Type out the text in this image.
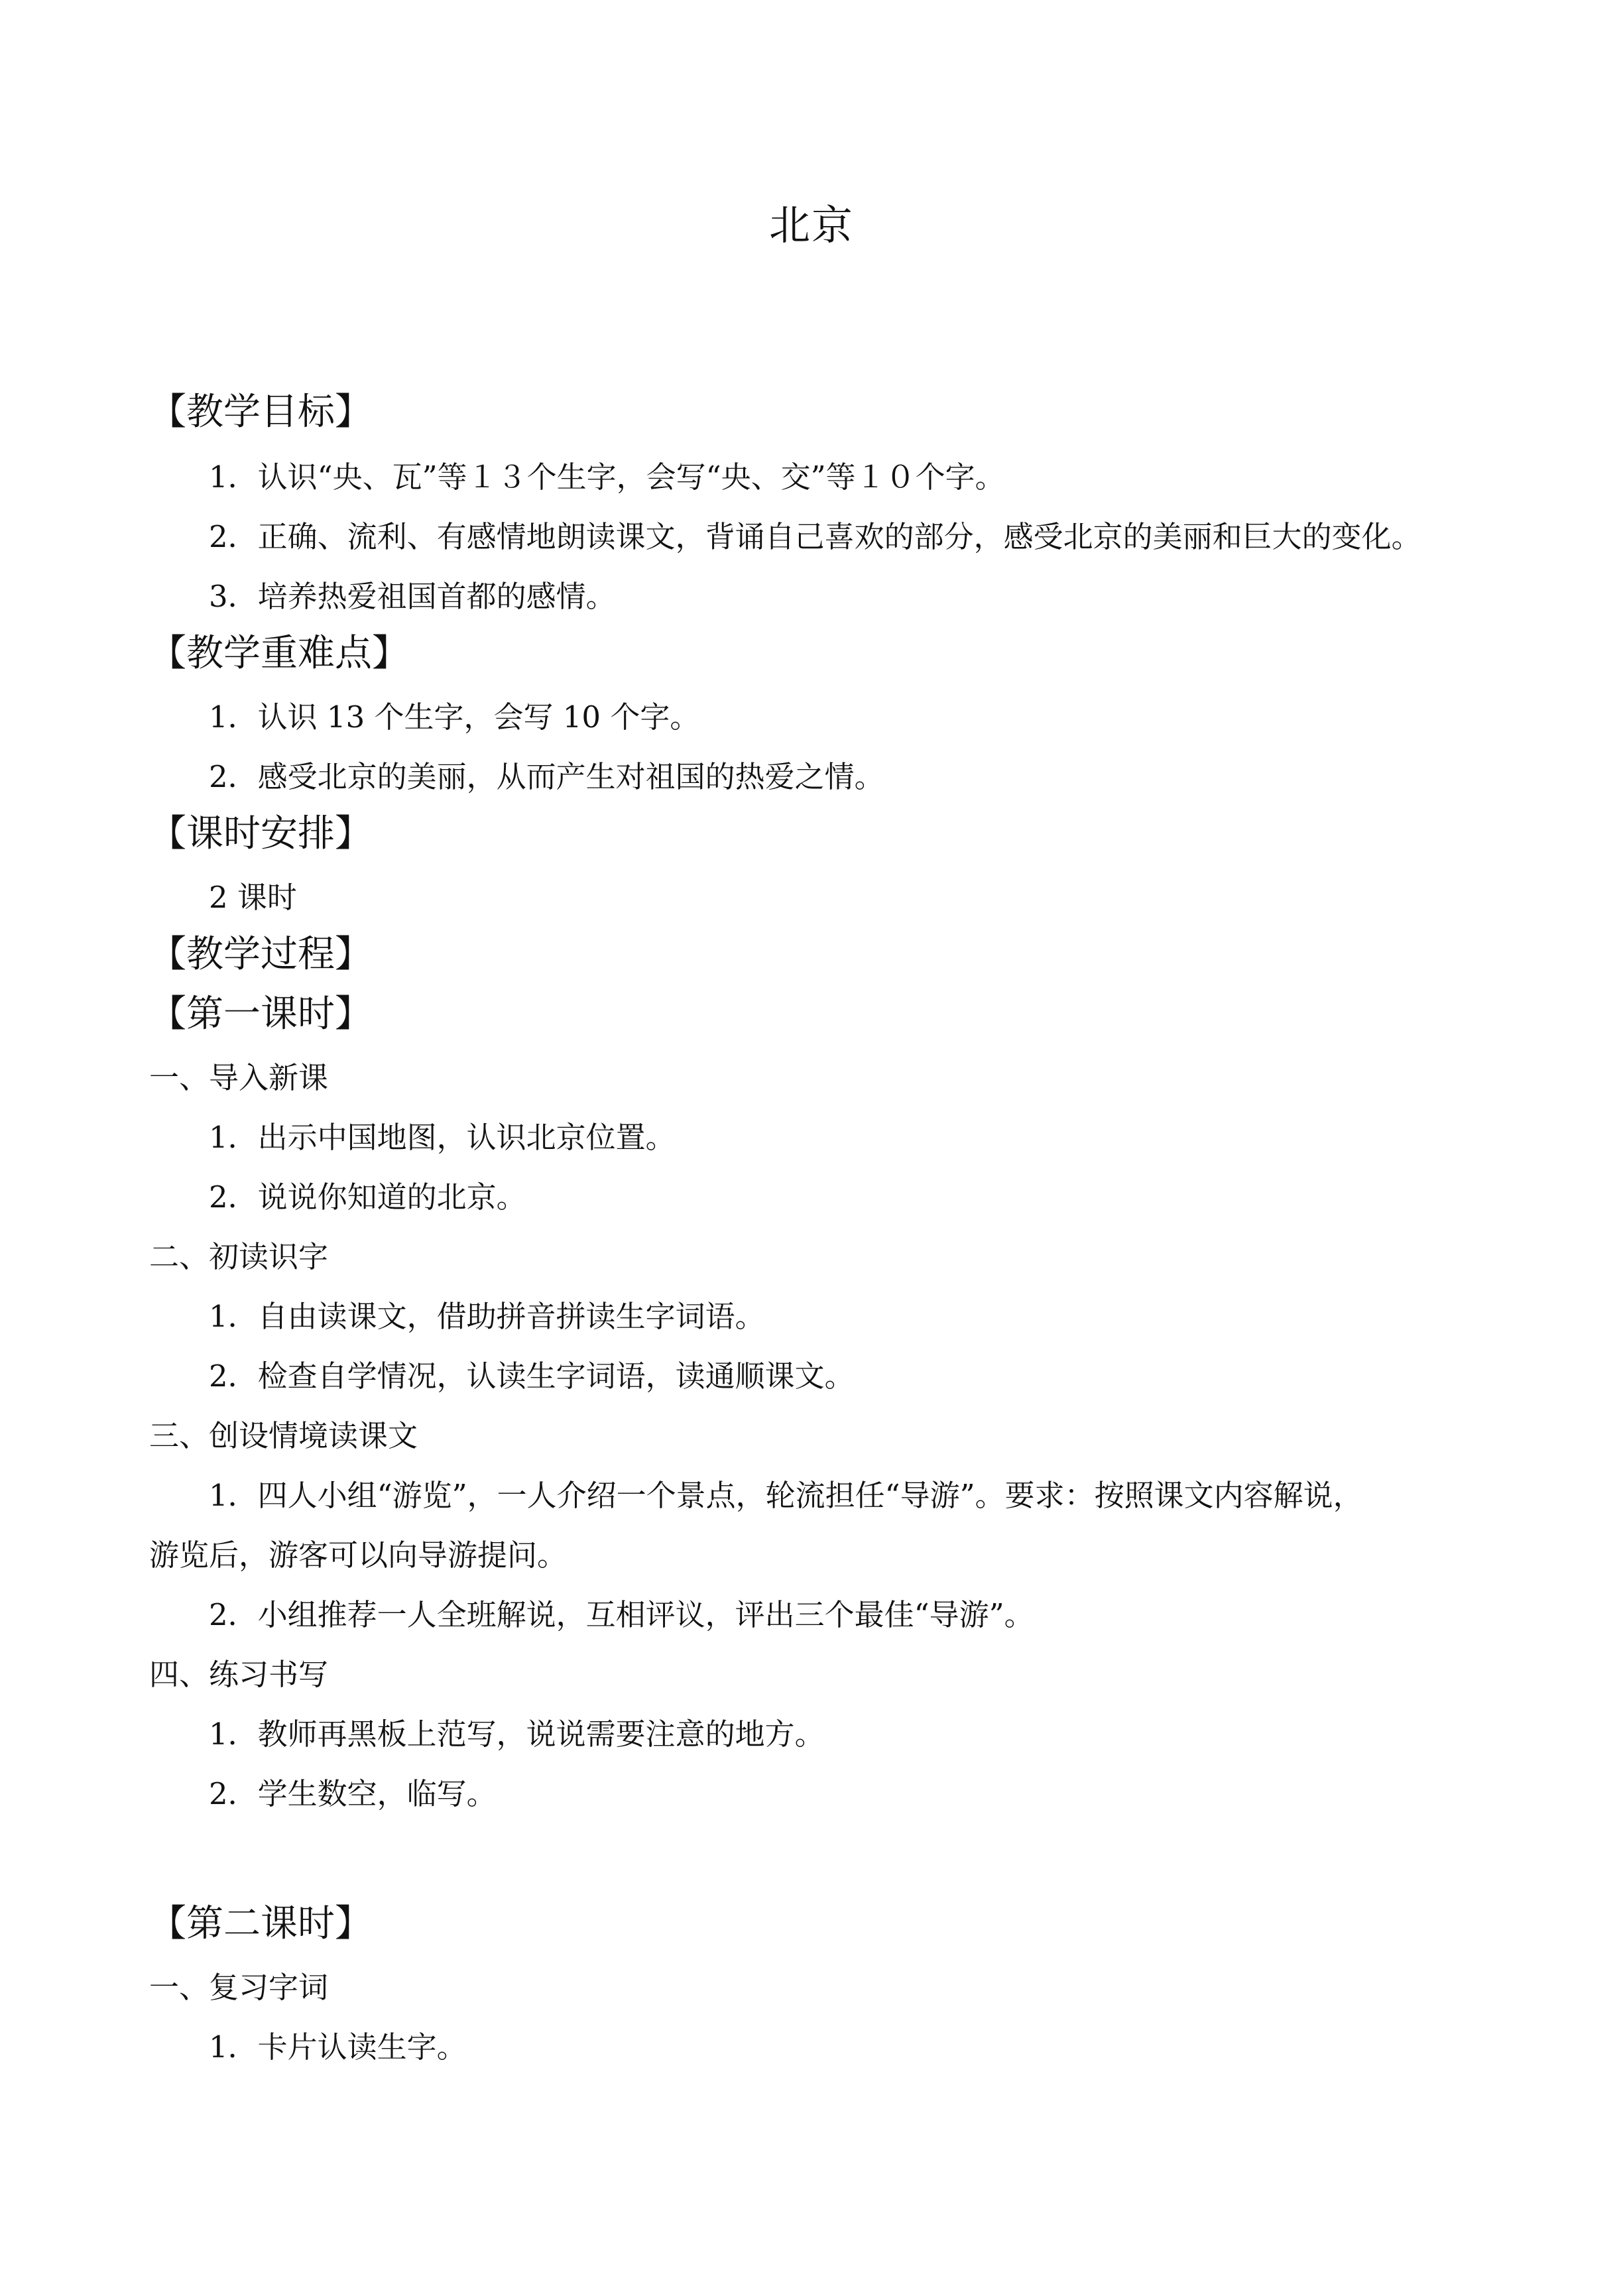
北京
【教学目标】
1．认识“央、瓦”等１３个生字，会写“央、交”等１０个字。
2．正确、流利、有感情地朗读课文，背诵自己喜欢的部分，感受北京的美丽和巨大的变化。
3．培养热爱祖国首都的感情。
【教学重难点】
1．认识 13 个生字，会写 10 个字。
2．感受北京的美丽，从而产生对祖国的热爱之情。
【课时安排】
2 课时
【教学过程】
【第一课时】
一、导入新课
1．出示中国地图，认识北京位置。
2．说说你知道的北京。
二、初读识字
1．自由读课文，借助拼音拼读生字词语。
2．检查自学情况，认读生字词语，读通顺课文。
三、创设情境读课文
1．四人小组“游览”，一人介绍一个景点，轮流担任“导游”。要求：按照课文内容解说，
游览后，游客可以向导游提问。
2．小组推荐一人全班解说，互相评议，评出三个最佳“导游”。
四、练习书写
1．教师再黑板上范写，说说需要注意的地方。
2．学生数空，临写。
【第二课时】
一、复习字词
1．卡片认读生字。
